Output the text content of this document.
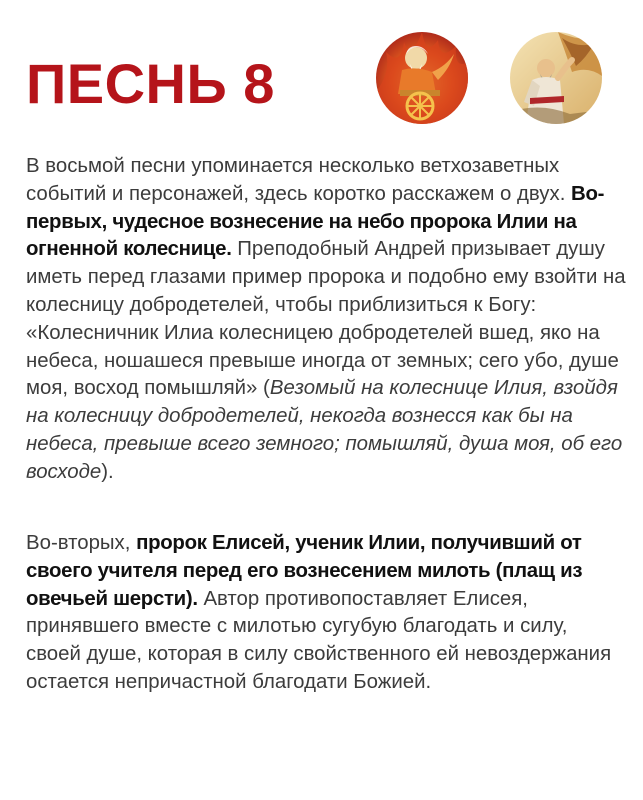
ПЕСНЬ 8
В восьмой песни упоминается несколько ветхозаветных событий и персонажей, здесь коротко расскажем о двух. Во-первых, чудесное вознесение на небо пророка Илии на огненной колеснице. Преподобный Андрей призывает душу иметь перед глазами пример пророка и подобно ему взойти на колесницу добродетелей, чтобы приблизиться к Богу: «Колесничник Илиа колесницею добродетелей вшед, яко на небеса, ношашеся превыше иногда от земных; сего убо, душе моя, восход помышляй» (Везомый на колеснице Илия, взойдя на колесницу добродетелей, некогда вознесся как бы на небеса, превыше всего земного; помышляй, душа моя, об его восходе).
Во-вторых, пророк Елисей, ученик Илии, получивший от своего учителя перед его вознесением милоть (плащ из овечьей шерсти). Автор противопоставляет Елисея, принявшего вместе с милотью сугубую благодать и силу, своей душе, которая в силу свойственного ей невоздержания остается непричастной благодати Божией.
